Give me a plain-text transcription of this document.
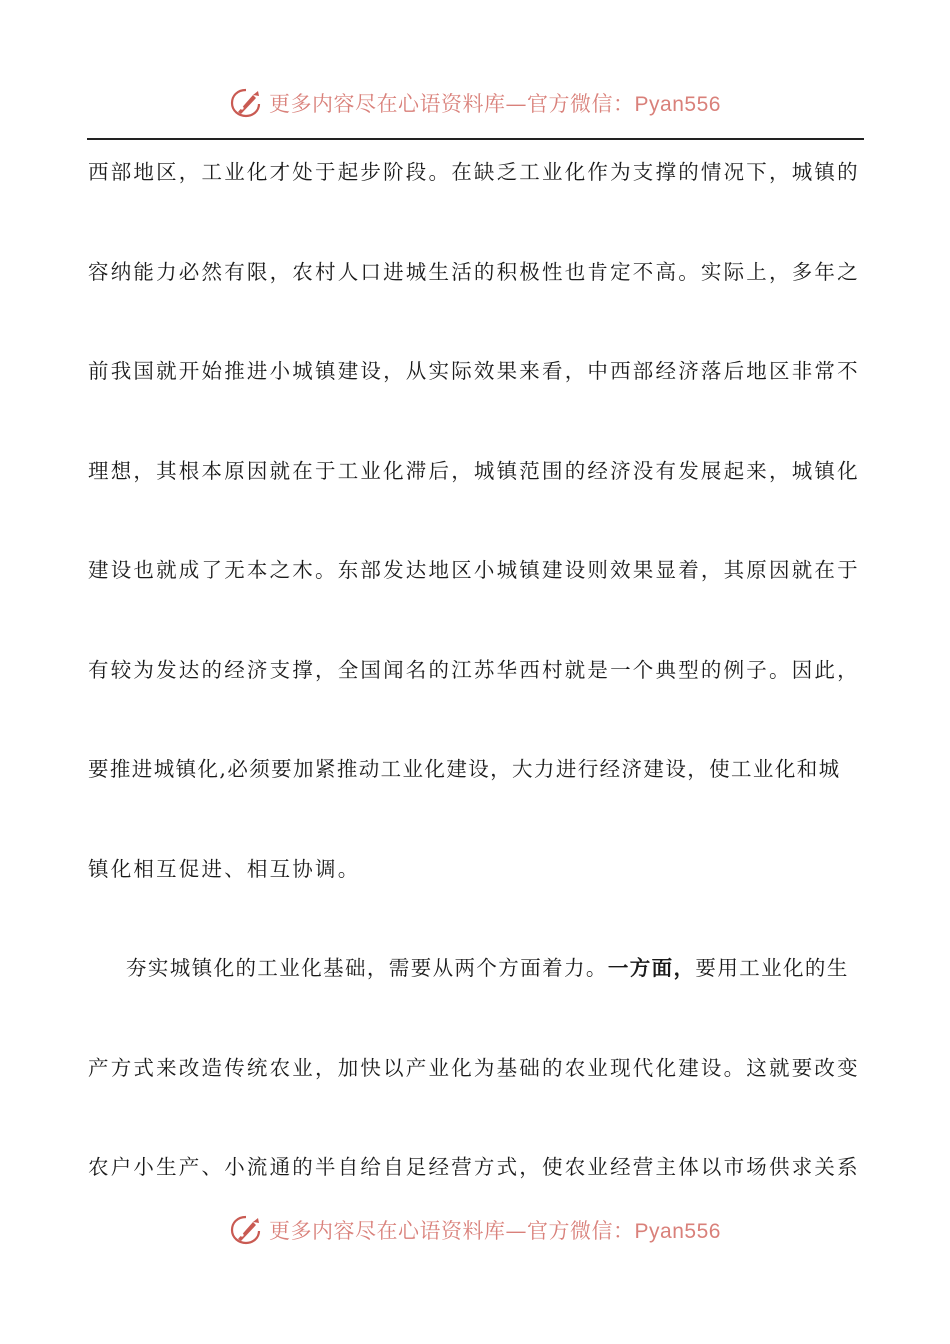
更多内容尽在心语资料库—官方微信：Pyan556
西部地区，工业化才处于起步阶段。在缺乏工业化作为支撑的情况下，城镇的
容纳能力必然有限，农村人口进城生活的积极性也肯定不高。实际上，多年之
前我国就开始推进小城镇建设，从实际效果来看，中西部经济落后地区非常不
理想，其根本原因就在于工业化滞后，城镇范围的经济没有发展起来，城镇化
建设也就成了无本之木。东部发达地区小城镇建设则效果显着，其原因就在于
有较为发达的经济支撑，全国闻名的江苏华西村就是一个典型的例子。因此，
要推进城镇化,必须要加紧推动工业化建设，大力进行经济建设，使工业化和城
镇化相互促进、相互协调。
夯实城镇化的工业化基础，需要从两个方面着力。一方面，要用工业化的生
产方式来改造传统农业，加快以产业化为基础的农业现代化建设。这就要改变
农户小生产、小流通的半自给自足经营方式，使农业经营主体以市场供求关系
更多内容尽在心语资料库—官方微信：Pyan556
